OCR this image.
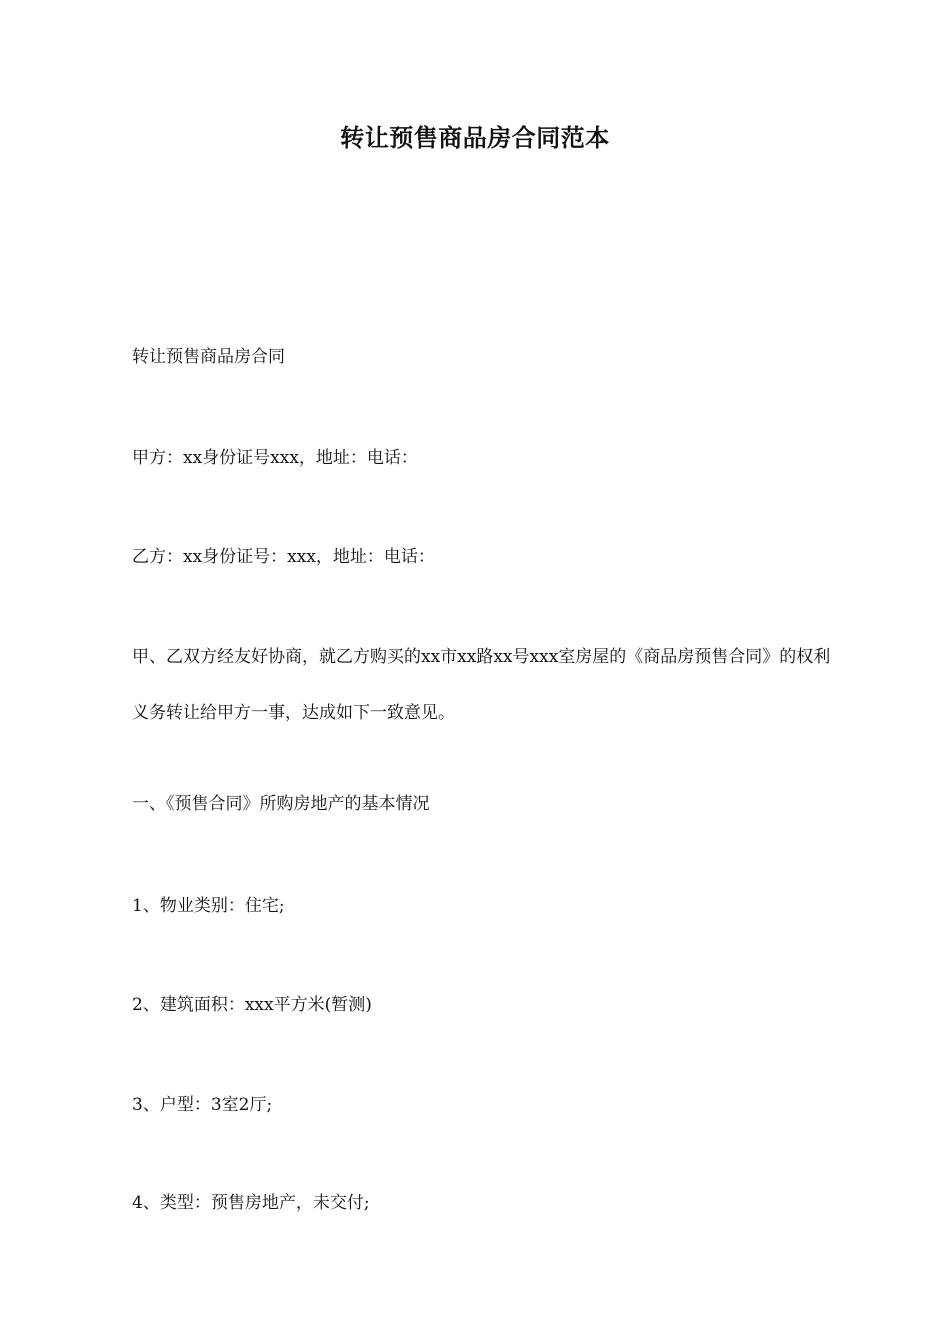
转让预售商品房合同范本

转让预售商品房合同

甲方：xx身份证号xxx，地址：电话：

乙方：xx身份证号：xxx，地址：电话：

甲、乙双方经友好协商，就乙方购买的xx市xx路xx号xxx室房屋的《商品房预售合同》的权利义务转让给甲方一事，达成如下一致意见。

一、《预售合同》所购房地产的基本情况

1、物业类别：住宅;

2、建筑面积：xxx平方米(暂测)

3、户型：3室2厅;

4、类型：预售房地产，未交付;
